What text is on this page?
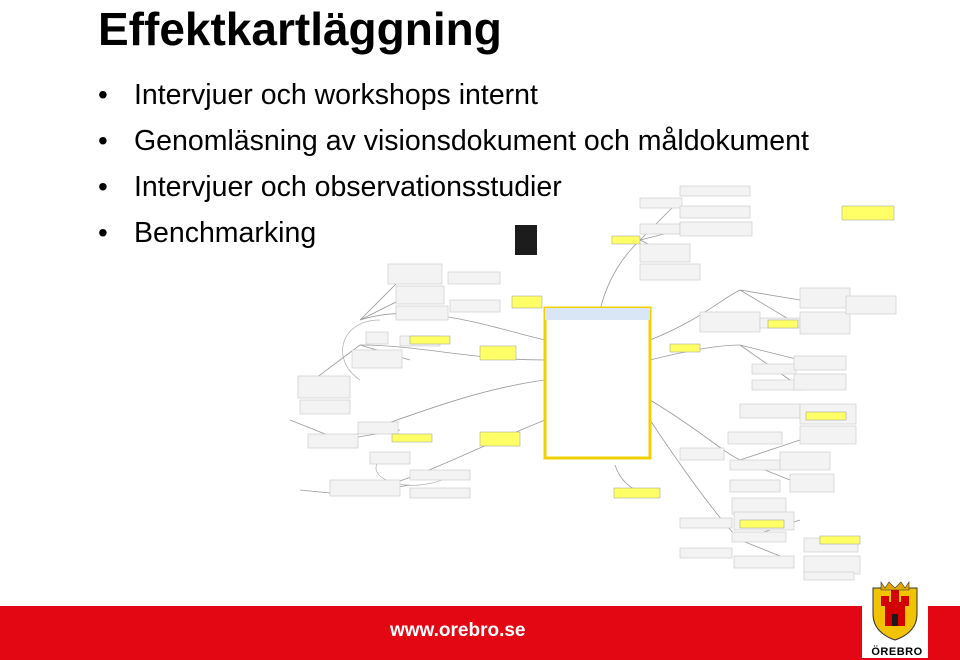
Effektkartläggning
• Intervjuer och workshops internt
• Genomläsning av visionsdokument och måldokument
• Intervjuer och observationsstudier
• Benchmarking
www.orebro.se
ÖREBRO
